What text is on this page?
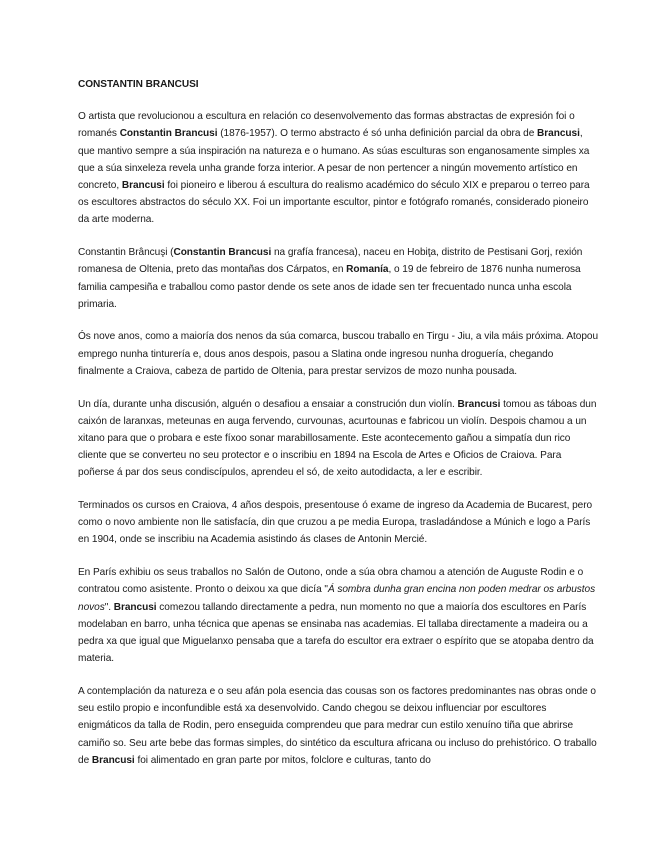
CONSTANTIN BRANCUSI

O artista que revolucionou a escultura en relación co desenvolvemento das formas abstractas de expresión foi o romanés Constantin Brancusi (1876-1957). O termo abstracto é só unha definición parcial da obra de Brancusi, que mantivo sempre a súa inspiración na natureza e o humano. As súas esculturas son enganosamente simples xa que a súa sinxeleza revela unha grande forza interior. A pesar de non pertencer a ningún movemento artístico en concreto, Brancusi foi pioneiro e liberou á escultura do realismo académico do século XIX e preparou o terreo para os escultores abstractos do século XX. Foi un importante escultor, pintor e fotógrafo romanés, considerado pioneiro da arte moderna.

Constantin Brâncuşi (Constantin Brancusi na grafía francesa), naceu en Hobiţa, distrito de Pestisani Gorj, rexión romanesa de Oltenia, preto das montañas dos Cárpatos, en Romanía, o 19 de febreiro de 1876 nunha numerosa familia campesiña e traballou como pastor dende os sete anos de idade sen ter frecuentado nunca unha escola primaria.

Ós nove anos, como a maioría dos nenos da súa comarca, buscou traballo en Tirgu - Jiu, a vila máis próxima. Atopou emprego nunha tinturería e, dous anos despois, pasou a Slatina onde ingresou nunha droguería, chegando finalmente a Craiova, cabeza de partido de Oltenia, para prestar servizos de mozo nunha pousada.

Un día, durante unha discusión, alguén o desafiou a ensaiar a construción dun violín. Brancusi tomou as táboas dun caixón de laranxas, meteunas en auga fervendo, curvounas, acurtounas e fabricou un violín. Despois chamou a un xitano para que o probara e este fíxoo sonar marabillosamente. Este acontecemento gañou a simpatía dun rico cliente que se converteu no seu protector e o inscribiu en 1894 na Escola de Artes e Oficios de Craiova. Para poñerse á par dos seus condiscípulos, aprendeu el só, de xeito autodidacta, a ler e escribir.

Terminados os cursos en Craiova, 4 años despois, presentouse ó exame de ingreso da Academia de Bucarest, pero como o novo ambiente non lle satisfacía, din que cruzou a pe media Europa, trasladándose a Múnich e logo a París en 1904, onde se inscribiu na Academia asistindo ás clases de Antonin Mercié.

En París exhibiu os seus traballos no Salón de Outono, onde a súa obra chamou a atención de Auguste Rodin e o contratou como asistente. Pronto o deixou xa que dicía "Á sombra dunha gran encina non poden medrar os arbustos novos". Brancusi comezou tallando directamente a pedra, nun momento no que a maioría dos escultores en París modelaban en barro, unha técnica que apenas se ensinaba nas academias. El tallaba directamente a madeira ou a pedra xa que igual que Miguelanxo pensaba que a tarefa do escultor era extraer o espírito que se atopaba dentro da materia.

A contemplación da natureza e o seu afán pola esencia das cousas son os factores predominantes nas obras onde o seu estilo propio e inconfundible está xa desenvolvido. Cando chegou se deixou influenciar por escultores enigmáticos da talla de Rodin, pero enseguida comprendeu que para medrar cun estilo xenuíno tiña que abrirse camiño so. Seu arte bebe das formas simples, do sintético da escultura africana ou incluso do prehistórico. O traballo de Brancusi foi alimentado en gran parte por mitos, folclore e culturas, tanto do
